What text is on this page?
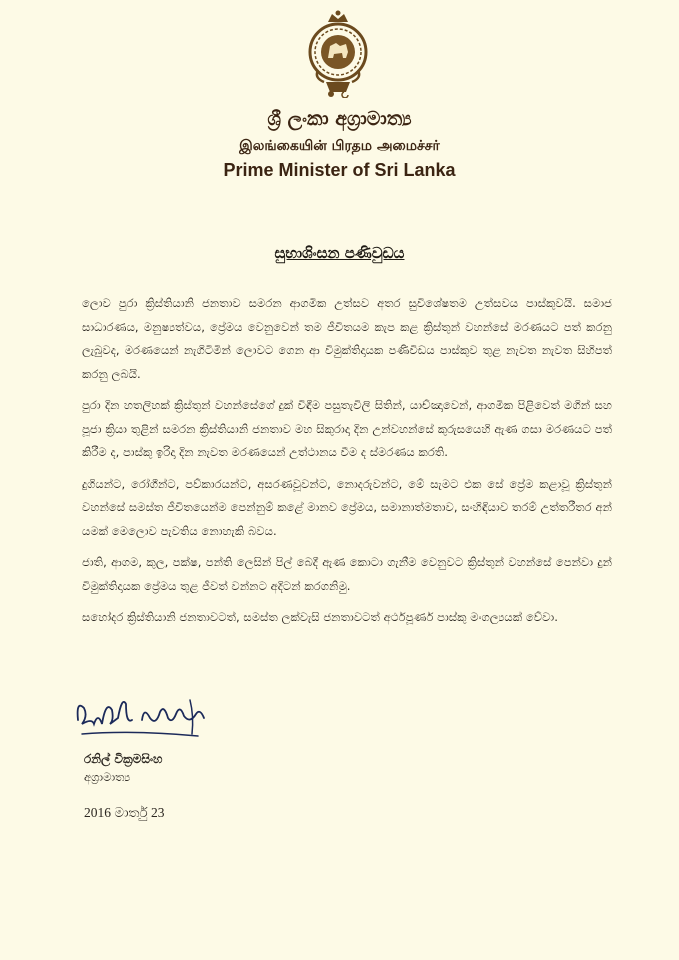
ශ්‍රී ලංකා අග්‍රාමාත්‍ය
இலங்கையின் பிரதம அமைச்சர்
Prime Minister of Sri Lanka
සුභාශිංසන පණිවුඩය

ලොව පුරා ක්‍රිස්තියානි ජනතාව සමරන ආගමික උත්සව අතර සුවිශේෂතම උත්සවය පාස්කුවයි. සමාජ සාධාරණය, මනුෂ්‍යත්වය, ප්‍රේමය වෙනුවෙන් තම ජීවිතයම කැප කළ ක්‍රිස්තුන් වහන්සේ මරණයට පත් කරනු ලැබුවද, මරණයෙන් නැගිටිමින් ලොවට ගෙන ආ විමුක්තිදායක පණිවිඩය පාස්කුව තුළ නැවත නැවත සිහිපත් කරනු ලබයි.

පුරා දින හතලිහක් ක්‍රිස්තුන් වහන්සේගේ දුක් විඳීම පසුතැවිලි සිතින්, යාච්ඤාවෙන්, ආගමික පිළිවෙත් මගින් සහ පූජා ක්‍රියා තුළින් සමරන ක්‍රිස්තියානි ජනතාව මහ සිකුරාදා දින උන්වහන්සේ කුරුසයෙහි ඇණ ගසා මරණයට පත් කිරීම ද, පාස්කු ඉරිදා දින නැවත මරණයෙන් උත්ථානය වීම ද ස්මරණය කරති.

දුගියන්ට, රෝගීන්ට, පව්කාරයන්ට, අසරණවූවන්ට, නොදරුවන්ට, මේ සැමට එක සේ ප්‍රේම කළාවූ ක්‍රිස්තුන් වහන්සේ සමස්ත ජීවිතයෙන්ම පෙන්නුම් කළේ මානව ප්‍රේමය, සමානාත්මතාව, සංහිඳියාව තරම් උත්තරීතර අන් යමක් මෙලොව පැවතිය නොහැකි බවය.

ජාති, ආගම, කුල, පක්ෂ, පන්ති ලෙසින් පිල් බෙදී ඇණ කොටා ගැනීම වෙනුවට ක්‍රිස්තුන් වහන්සේ පෙන්වා දුන් විමුක්තිදායක ප්‍රේමය තුළ ජීවත් වන්නට අදිටන් කරගනිමු.

සහෝදර ක්‍රිස්තියානි ජනතාවටත්, සමස්ත ලක්වැසි ජනතාවටත් අර්ථපූර්ණ පාස්කු මංගල්‍යයක් වේවා.

රනිල් වික්‍රමසිංහ
අග්‍රාමාත්‍ය
2016 මාර්තු 23
